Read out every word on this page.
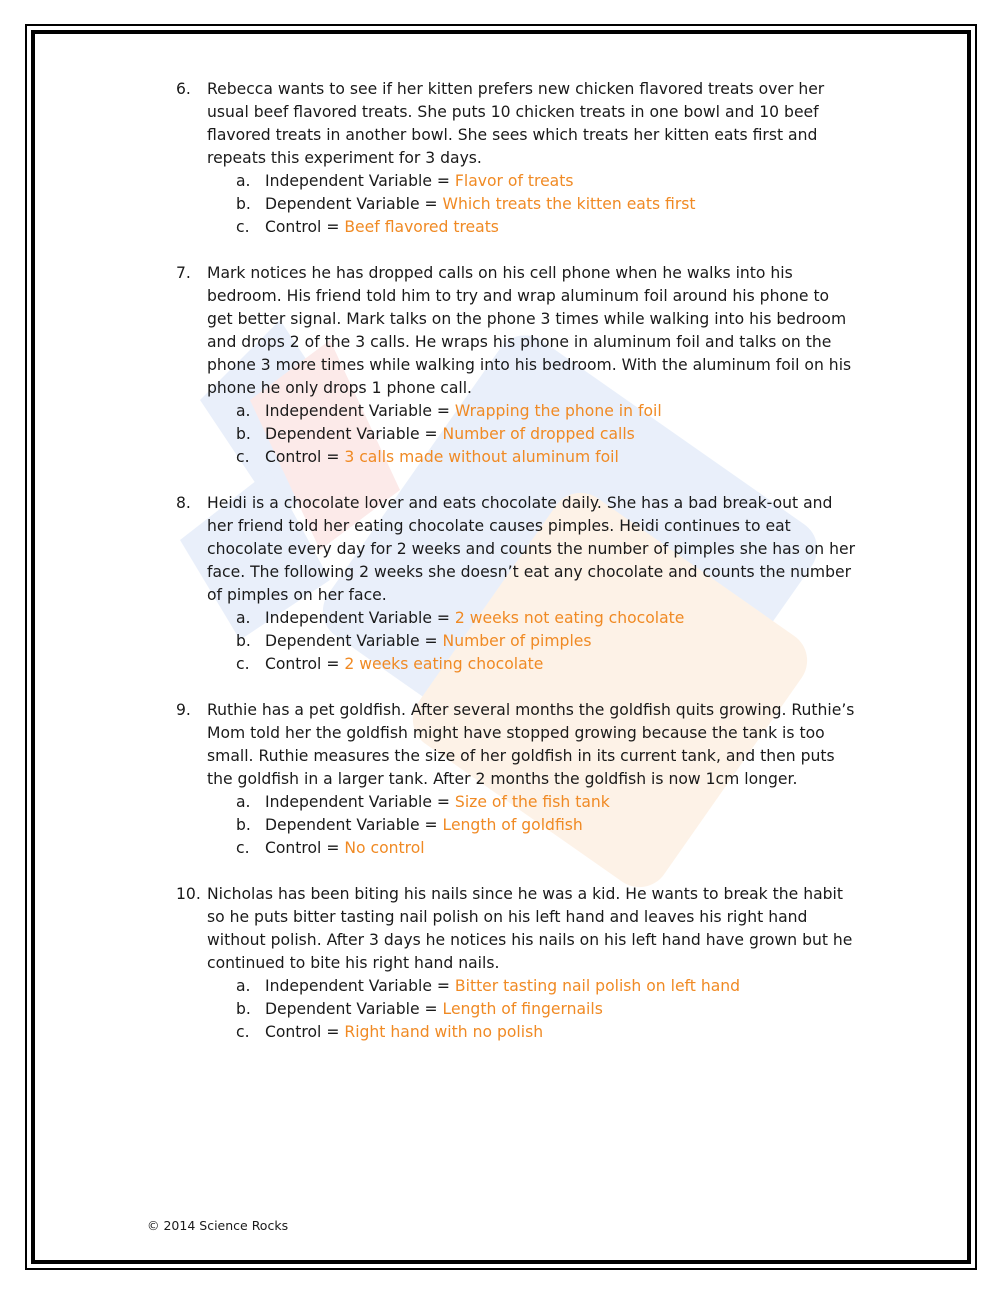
6.	Rebecca wants to see if her kitten prefers new chicken flavored treats over her usual beef flavored treats. She puts 10 chicken treats in one bowl and 10 beef flavored treats in another bowl. She sees which treats her kitten eats first and repeats this experiment for 3 days.

a. Independent Variable = Flavor of treats
b. Dependent Variable = Which treats the kitten eats first
c. Control = Beef flavored treats
7.	Mark notices he has dropped calls on his cell phone when he walks into his bedroom. His friend told him to try and wrap aluminum foil around his phone to get better signal. Mark talks on the phone 3 times while walking into his bedroom and drops 2 of the 3 calls. He wraps his phone in aluminum foil and talks on the phone 3 more times while walking into his bedroom. With the aluminum foil on his phone he only drops 1 phone call.

a. Independent Variable = Wrapping the phone in foil
b. Dependent Variable = Number of dropped calls
c. Control = 3 calls made without aluminum foil
8.	Heidi is a chocolate lover and eats chocolate daily. She has a bad break-out and her friend told her eating chocolate causes pimples. Heidi continues to eat chocolate every day for 2 weeks and counts the number of pimples she has on her face. The following 2 weeks she doesn’t eat any chocolate and counts the number of pimples on her face.

a. Independent Variable = 2 weeks not eating chocolate
b. Dependent Variable = Number of pimples
c. Control = 2 weeks eating chocolate
9.	Ruthie has a pet goldfish. After several months the goldfish quits growing. Ruthie’s Mom told her the goldfish might have stopped growing because the tank is too small. Ruthie measures the size of her goldfish in its current tank, and then puts the goldfish in a larger tank. After 2 months the goldfish is now 1cm longer.

a. Independent Variable = Size of the fish tank
b. Dependent Variable = Length of goldfish
c. Control = No control
10. Nicholas has been biting his nails since he was a kid. He wants to break the habit so he puts bitter tasting nail polish on his left hand and leaves his right hand without polish. After 3 days he notices his nails on his left hand have grown but he continued to bite his right hand nails.

a. Independent Variable = Bitter tasting nail polish on left hand
b. Dependent Variable = Length of fingernails
c. Control = Right hand with no polish
© 2014 Science Rocks
